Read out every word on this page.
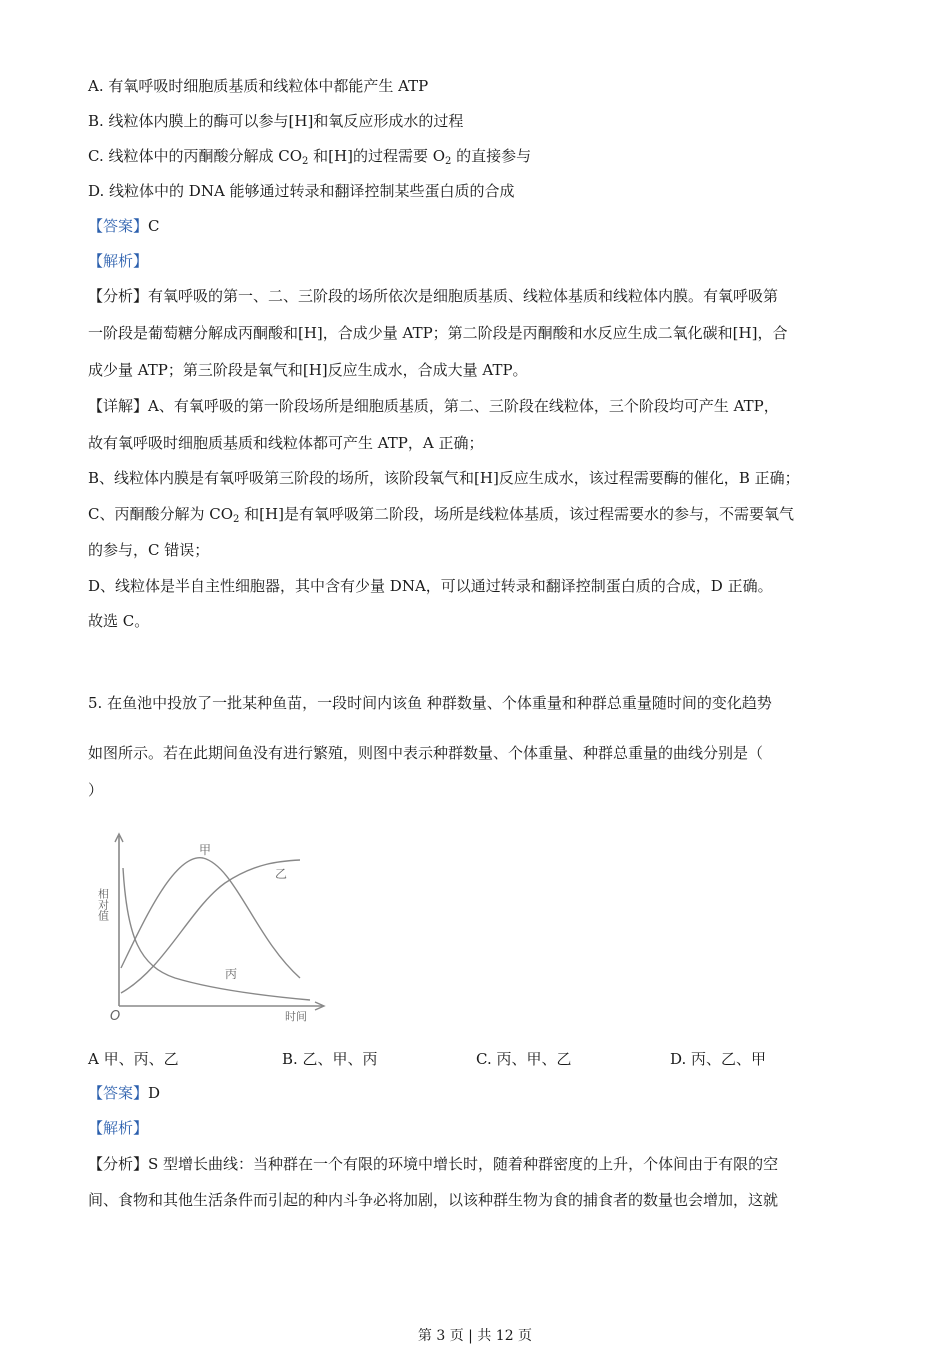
A. 有氧呼吸时细胞质基质和线粒体中都能产生 ATP
B. 线粒体内膜上的酶可以参与[H]和氧反应形成水的过程
C. 线粒体中的丙酮酸分解成 $CO_2$ 和[H]的过程需要 $O_2$ 的直接参与
D. 线粒体中的 DNA 能够通过转录和翻译控制某些蛋白质的合成
【答案】C
【解析】
【分析】有氧呼吸的第一、二、三阶段的场所依次是细胞质基质、线粒体基质和线粒体内膜。有氧呼吸第
一阶段是葡萄糖分解成丙酮酸和[H]，合成少量 ATP；第二阶段是丙酮酸和水反应生成二氧化碳和[H]，合
成少量 ATP；第三阶段是氧气和[H]反应生成水，合成大量 ATP。
【详解】A、有氧呼吸的第一阶段场所是细胞质基质，第二、三阶段在线粒体，三个阶段均可产生 ATP，
故有氧呼吸时细胞质基质和线粒体都可产生 ATP，A 正确；
B、线粒体内膜是有氧呼吸第三阶段的场所，该阶段氧气和[H]反应生成水，该过程需要酶的催化，B 正确；
C、丙酮酸分解为 $CO_2$ 和[H]是有氧呼吸第二阶段，场所是线粒体基质，该过程需要水的参与，不需要氧气
的参与，C 错误；
D、线粒体是半自主性细胞器，其中含有少量 DNA，可以通过转录和翻译控制蛋白质的合成，D 正确。
故选 C。
5. 在鱼池中投放了一批某种鱼苗，一段时间内该鱼 种群数量、个体重量和种群总重量随时间的变化趋势
如图所示。若在此期间鱼没有进行繁殖，则图中表示种群数量、个体重量、种群总重量的曲线分别是（
）
相对值
时间
O
甲
乙
丙
A 甲、丙、乙	B. 乙、甲、丙	C. 丙、甲、乙	D. 丙、乙、甲
【答案】D
【解析】
【分析】S 型增长曲线：当种群在一个有限的环境中增长时，随着种群密度的上升，个体间由于有限的空
间、食物和其他生活条件而引起的种内斗争必将加剧，以该种群生物为食的捕食者的数量也会增加，这就
第 3 页 | 共 12 页
